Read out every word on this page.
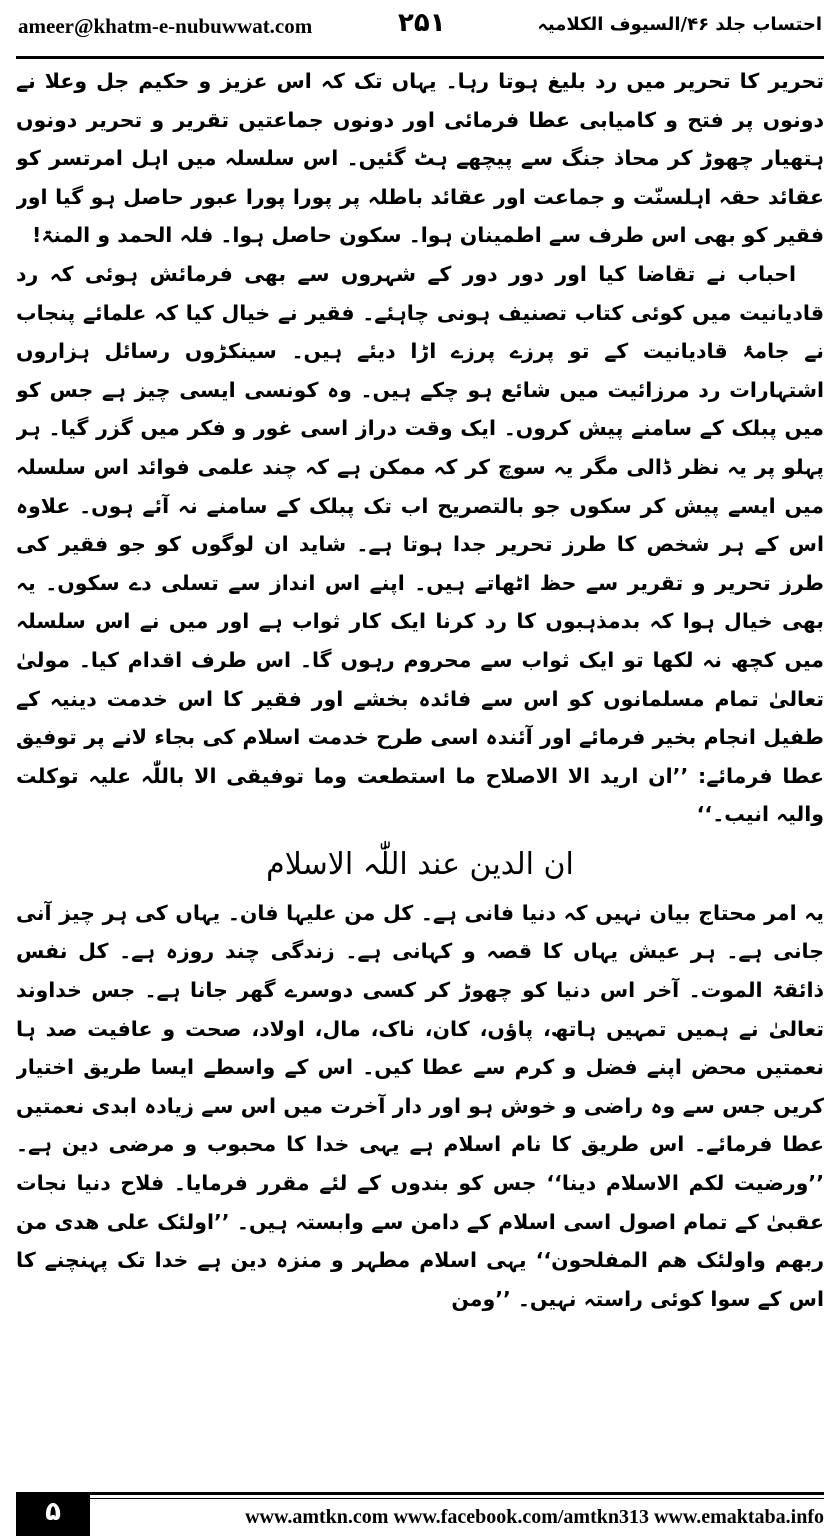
ameer@khatm-e-nubuwwat.com	۲۵۱	احتساب جلد ۴۶/السیوف الکلامیہ

تحریر کا تحریر میں رد بلیغ ہوتا رہا۔ یہاں تک کہ اس عزیز و حکیم جل وعلا نے دونوں پر فتح و کامیابی عطا فرمائی اور دونوں جماعتیں تقریر و تحریر دونوں ہتھیار چھوڑ کر محاذ جنگ سے پیچھے ہٹ گئیں۔ اس سلسلہ میں اہل امرتسر کو عقائد حقہ اہلسنّت و جماعت اور عقائد باطلہ پر پورا پورا عبور حاصل ہو گیا اور فقیر کو بھی اس طرف سے اطمینان ہوا۔ سکون حاصل ہوا۔ فلہ الحمد و المنۃ!

احباب نے تقاضا کیا اور دور دور کے شہروں سے بھی فرمائش ہوئی کہ رد قادیانیت میں کوئی کتاب تصنیف ہونی چاہئے۔ فقیر نے خیال کیا کہ علمائے پنجاب نے جامۂ قادیانیت کے تو پرزے پرزے اڑا دیئے ہیں۔ سینکڑوں رسائل ہزاروں اشتہارات رد مرزائیت میں شائع ہو چکے ہیں۔ وہ کونسی ایسی چیز ہے جس کو میں پبلک کے سامنے پیش کروں۔ ایک وقت دراز اسی غور و فکر میں گزر گیا۔ ہر پہلو پر یہ نظر ڈالی مگر یہ سوچ کر کہ ممکن ہے کہ چند علمی فوائد اس سلسلہ میں ایسے پیش کر سکوں جو بالتصریح اب تک پبلک کے سامنے نہ آئے ہوں۔ علاوہ اس کے ہر شخص کا طرز تحریر جدا ہوتا ہے۔ شاید ان لوگوں کو جو فقیر کی طرز تحریر و تقریر سے حظ اٹھاتے ہیں۔ اپنے اس انداز سے تسلی دے سکوں۔ یہ بھی خیال ہوا کہ بدمذہبوں کا رد کرنا ایک کار ثواب ہے اور میں نے اس سلسلہ میں کچھ نہ لکھا تو ایک ثواب سے محروم رہوں گا۔ اس طرف اقدام کیا۔ مولیٰ تعالیٰ تمام مسلمانوں کو اس سے فائدہ بخشے اور فقیر کا اس خدمت دینیہ کے طفیل انجام بخیر فرمائے اور آئندہ اسی طرح خدمت اسلام کی بجاء لانے پر توفیق عطا فرمائے: ’’ان ارید الا الاصلاح ما استطعت وما توفیقی الا باللّٰہ علیہ توکلت والیہ انیب۔‘‘

ان الدین عند اللّٰہ الاسلام

یہ امر محتاج بیان نہیں کہ دنیا فانی ہے۔ کل من علیہا فان۔ یہاں کی ہر چیز آنی جانی ہے۔ ہر عیش یہاں کا قصہ و کہانی ہے۔ زندگی چند روزہ ہے۔ کل نفس ذائقۃ الموت۔ آخر اس دنیا کو چھوڑ کر کسی دوسرے گھر جانا ہے۔ جس خداوند تعالیٰ نے ہمیں تمہیں ہاتھ، پاؤں، کان، ناک، مال، اولاد، صحت و عافیت صد ہا نعمتیں محض اپنے فضل و کرم سے عطا کیں۔ اس کے واسطے ایسا طریق اختیار کریں جس سے وہ راضی و خوش ہو اور دار آخرت میں اس سے زیادہ ابدی نعمتیں عطا فرمائے۔ اس طریق کا نام اسلام ہے یہی خدا کا محبوب و مرضی دین ہے۔ ’’ورضیت لکم الاسلام دینا‘‘ جس کو بندوں کے لئے مقرر فرمایا۔ فلاح دنیا نجات عقبیٰ کے تمام اصول اسی اسلام کے دامن سے وابستہ ہیں۔ ’’اولئک علی ھدی من ربھم واولئک ھم المفلحون‘‘ یہی اسلام مطہر و منزہ دین ہے خدا تک پہنچنے کا اس کے سوا کوئی راستہ نہیں۔ ’’ومن

۵	www.amtkn.com www.facebook.com/amtkn313 www.emaktaba.info
